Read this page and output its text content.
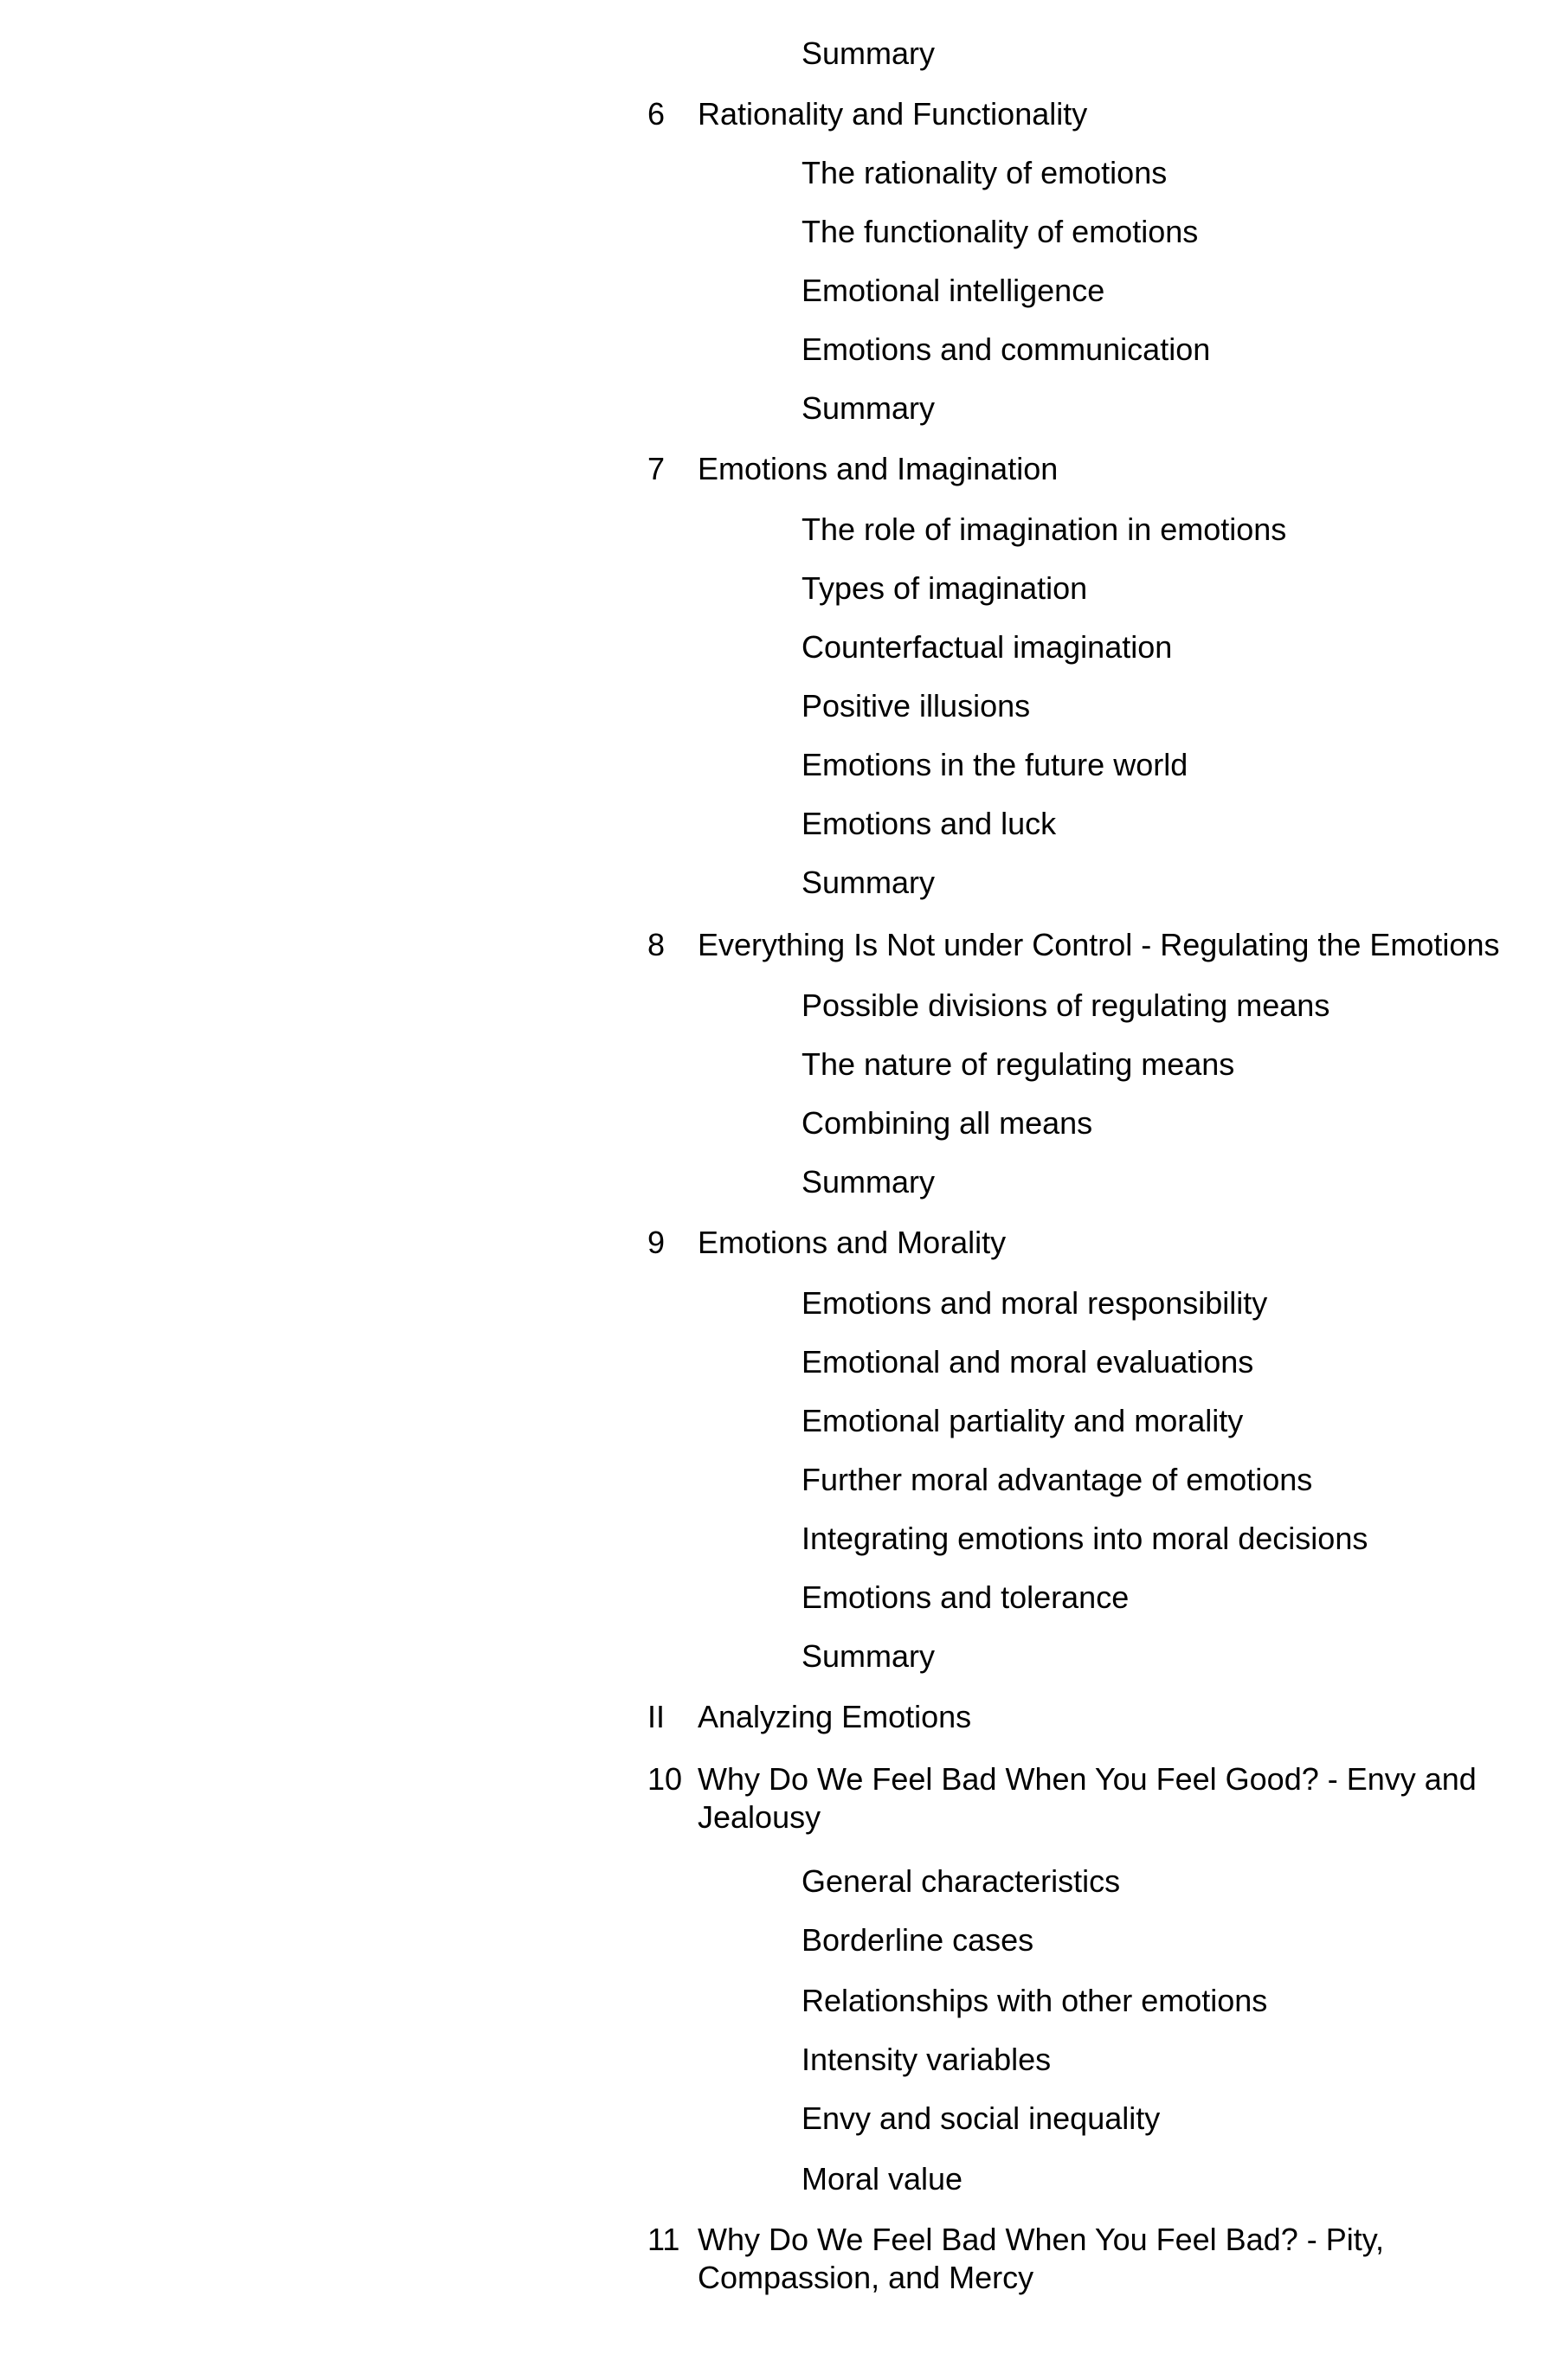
Summary
6 Rationality and Functionality
The rationality of emotions
The functionality of emotions
Emotional intelligence
Emotions and communication
Summary
7 Emotions and Imagination
The role of imagination in emotions
Types of imagination
Counterfactual imagination
Positive illusions
Emotions in the future world
Emotions and luck
Summary
8 Everything Is Not under Control - Regulating the Emotions
Possible divisions of regulating means
The nature of regulating means
Combining all means
Summary
9 Emotions and Morality
Emotions and moral responsibility
Emotional and moral evaluations
Emotional partiality and morality
Further moral advantage of emotions
Integrating emotions into moral decisions
Emotions and tolerance
Summary
II Analyzing Emotions
10 Why Do We Feel Bad When You Feel Good? - Envy and Jealousy
General characteristics
Borderline cases
Relationships with other emotions
Intensity variables
Envy and social inequality
Moral value
11 Why Do We Feel Bad When You Feel Bad? - Pity, Compassion, and Mercy
